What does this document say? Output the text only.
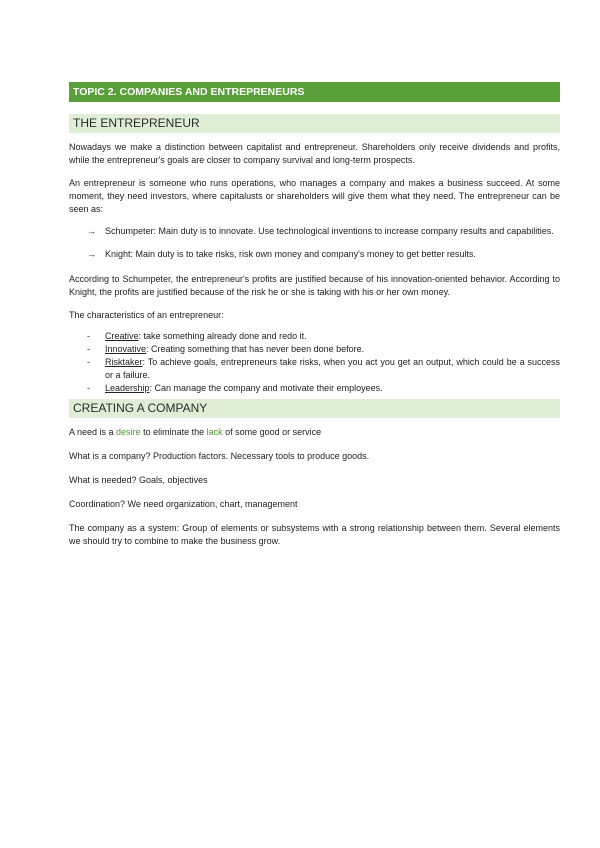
TOPIC 2. COMPANIES AND ENTREPRENEURS
THE ENTREPRENEUR

Nowadays we make a distinction between capitalist and entrepreneur. Shareholders only receive dividends and profits, while the entrepreneur's goals are closer to company survival and long-term prospects.

An entrepreneur is someone who runs operations, who manages a company and makes a business succeed. At some moment, they need investors, where capitalusts or shareholders will give them what they need. The entrepreneur can be seen as:

→ Schumpeter: Main duty is to innovate. Use technological inventions to increase company results and capabilities.
→ Knight: Main duty is to take risks, risk own money and company's money to get better results.

According to Schumpeter, the entrepreneur's profits are justified because of his innovation-oriented behavior. According to Knight, the profits are justified because of the risk he or she is taking with his or her own money.

The characteristics of an entrepreneur:

- Creative: take something already done and redo it.
- Innovative: Creating something that has never been done before.
- Risktaker: To achieve goals, entrepreneurs take risks, when you act you get an output, which could be a success or a failure.
- Leadership: Can manage the company and motivate their employees.
CREATING A COMPANY
A need is a desire to eliminate the lack of some good or service
What is a company? Production factors. Necessary tools to produce goods.
What is needed? Goals, objectives
Coordination? We need organization, chart, management

The company as a system: Group of elements or subsystems with a strong relationship between them. Several elements we should try to combine to make the business grow.
